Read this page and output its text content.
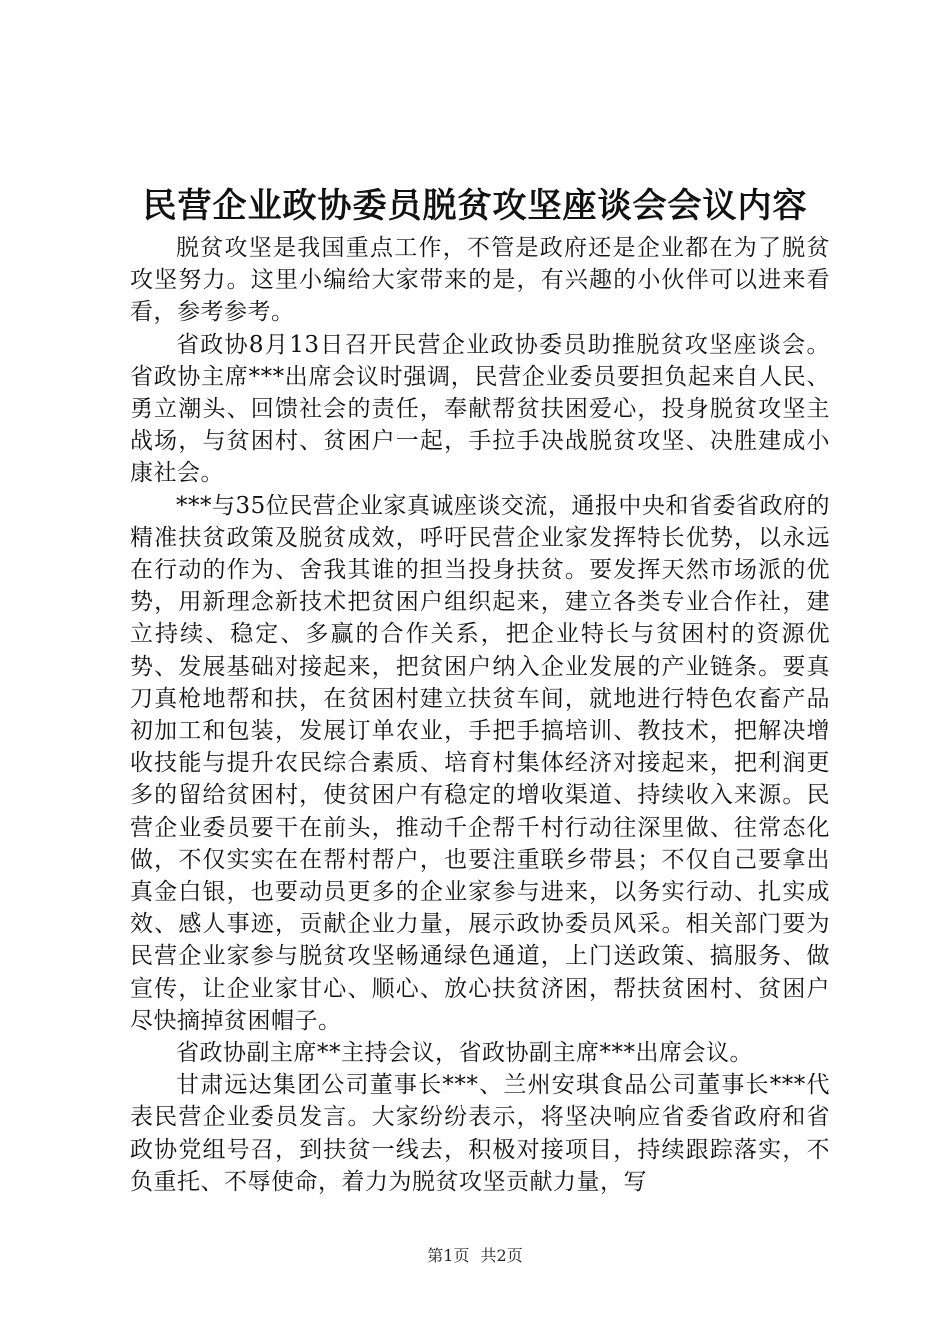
民营企业政协委员脱贫攻坚座谈会会议内容

脱贫攻坚是我国重点工作，不管是政府还是企业都在为了脱贫攻坚努力。这里小编给大家带来的是，有兴趣的小伙伴可以进来看看，参考参考。

省政协8月13日召开民营企业政协委员助推脱贫攻坚座谈会。省政协主席***出席会议时强调，民营企业委员要担负起来自人民、勇立潮头、回馈社会的责任，奉献帮贫扶困爱心，投身脱贫攻坚主战场，与贫困村、贫困户一起，手拉手决战脱贫攻坚、决胜建成小康社会。

***与35位民营企业家真诚座谈交流，通报中央和省委省政府的精准扶贫政策及脱贫成效，呼吁民营企业家发挥特长优势，以永远在行动的作为、舍我其谁的担当投身扶贫。要发挥天然市场派的优势，用新理念新技术把贫困户组织起来，建立各类专业合作社，建立持续、稳定、多赢的合作关系，把企业特长与贫困村的资源优势、发展基础对接起来，把贫困户纳入企业发展的产业链条。要真刀真枪地帮和扶，在贫困村建立扶贫车间，就地进行特色农畜产品初加工和包装，发展订单农业，手把手搞培训、教技术，把解决增收技能与提升农民综合素质、培育村集体经济对接起来，把利润更多的留给贫困村，使贫困户有稳定的增收渠道、持续收入来源。民营企业委员要干在前头，推动千企帮千村行动往深里做、往常态化做，不仅实实在在帮村帮户，也要注重联乡带县；不仅自己要拿出真金白银，也要动员更多的企业家参与进来，以务实行动、扎实成效、感人事迹，贡献企业力量，展示政协委员风采。相关部门要为民营企业家参与脱贫攻坚畅通绿色通道，上门送政策、搞服务、做宣传，让企业家甘心、顺心、放心扶贫济困，帮扶贫困村、贫困户尽快摘掉贫困帽子。

省政协副主席**主持会议，省政协副主席***出席会议。

甘肃远达集团公司董事长***、兰州安琪食品公司董事长***代表民营企业委员发言。大家纷纷表示，将坚决响应省委省政府和省政协党组号召，到扶贫一线去，积极对接项目，持续跟踪落实，不负重托、不辱使命，着力为脱贫攻坚贡献力量，写

第1页 共2页
